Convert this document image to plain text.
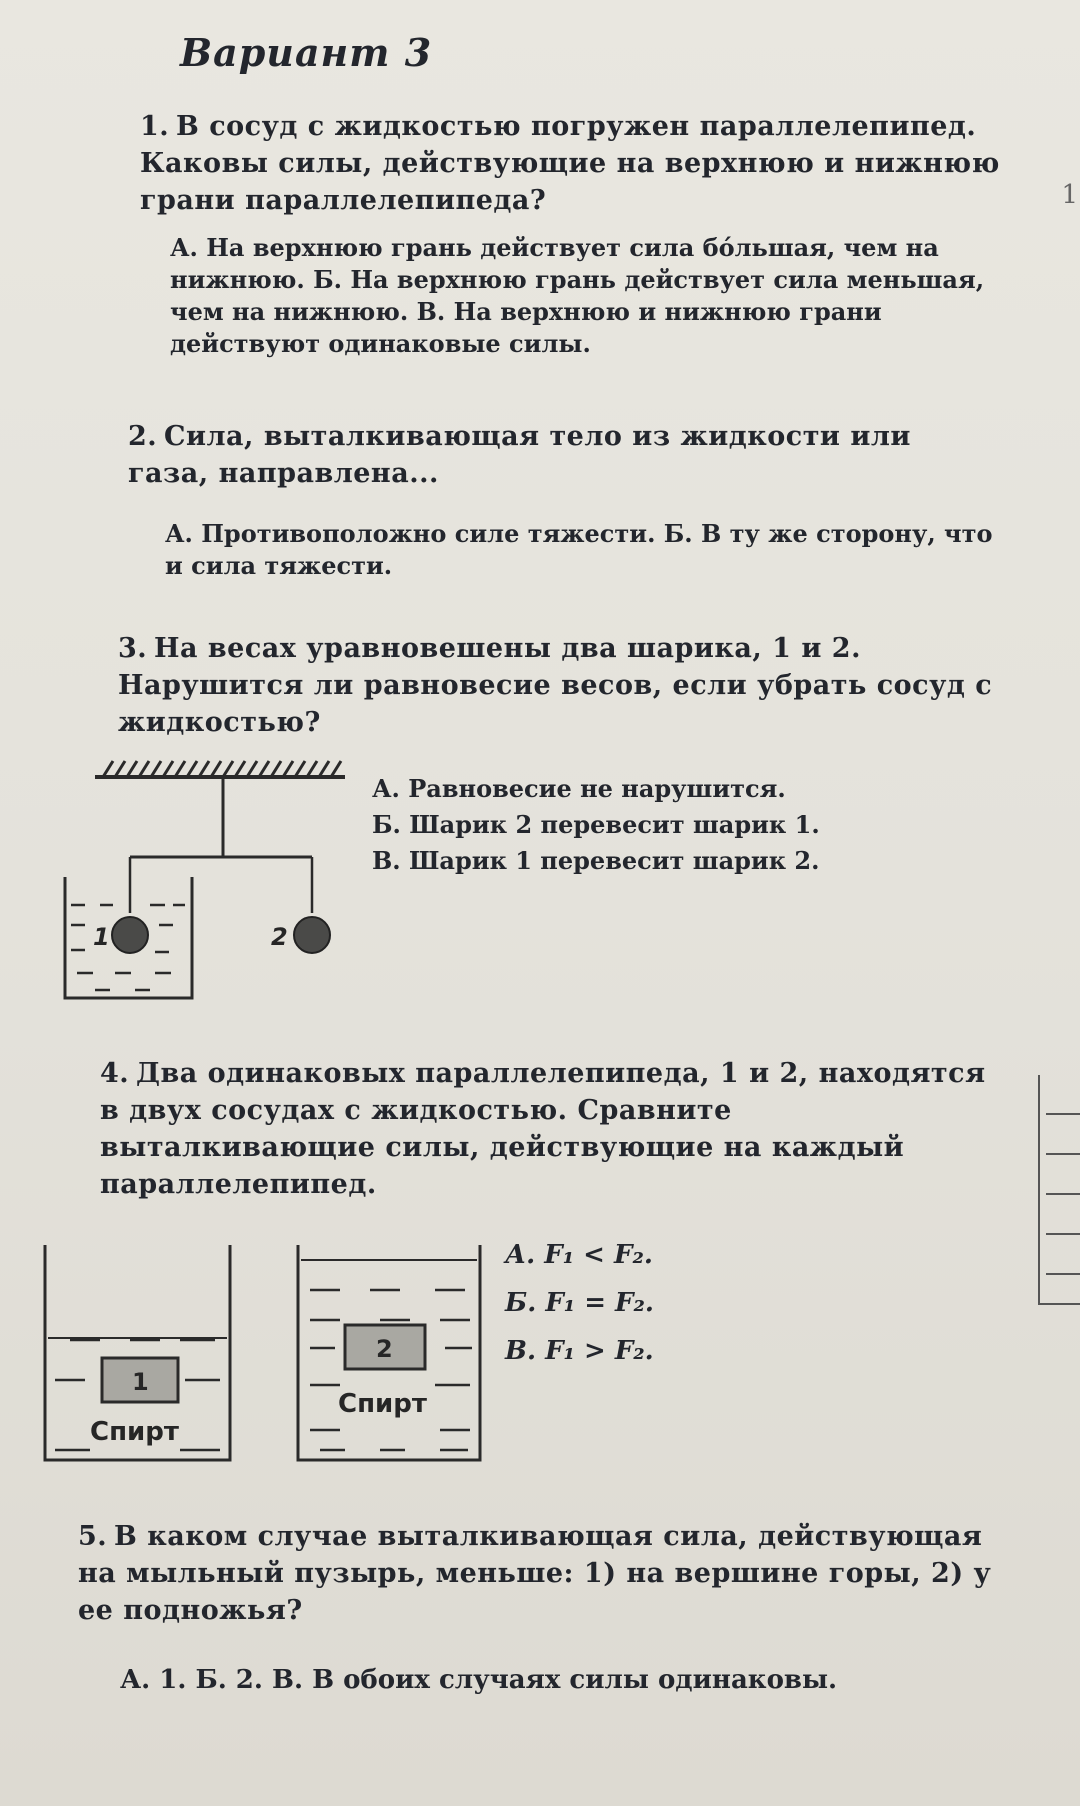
1
Вариант 3
1. В сосуд с жидкостью погружен параллелепипед. Каковы силы, действующие на верхнюю и нижнюю грани параллелепипеда?
А. На верхнюю грань действует сила бóльшая, чем на нижнюю. Б. На верхнюю грань действует сила меньшая, чем на нижнюю. В. На верхнюю и нижнюю грани действуют одинаковые силы.
2. Сила, выталкивающая тело из жидкости или газа, направлена...
А. Противоположно силе тяжести. Б. В ту же сторону, что и сила тяжести.
3. На весах уравновешены два шарика, 1 и 2. Нарушится ли равновесие весов, если убрать сосуд с жидкостью?
А. Равновесие не нарушится.
Б. Шарик 2 перевесит шарик 1.
В. Шарик 1 перевесит шарик 2.
1	2
4. Два одинаковых параллелепипеда, 1 и 2, находятся в двух сосудах с жидкостью. Сравните выталкивающие силы, действующие на каждый параллелепипед.
А. F₁ < F₂.
Б. F₁ = F₂.
В. F₁ > F₂.
1
Спирт
2
Спирт
5. В каком случае выталкивающая сила, действующая на мыльный пузырь, меньше: 1) на вершине горы, 2) у ее подножья?
А. 1. Б. 2. В. В обоих случаях силы одинаковы.
